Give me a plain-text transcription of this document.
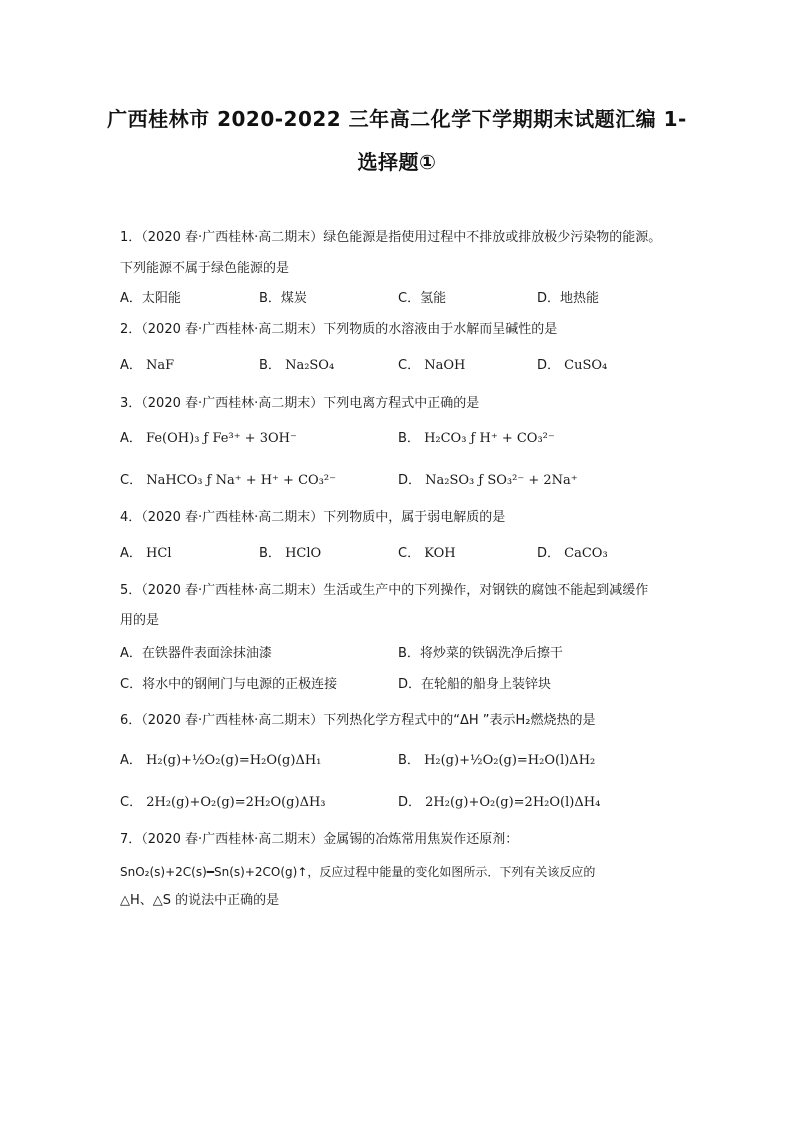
广西桂林市 2020-2022 三年高二化学下学期期末试题汇编 1-
选择题①
1．（2020 春·广西桂林·高二期末）绿色能源是指使用过程中不排放或排放极少污染物的能源。
下列能源不属于绿色能源的是
A．太阳能	B．煤炭	C．氢能	D．地热能
2．（2020 春·广西桂林·高二期末）下列物质的水溶液由于水解而呈碱性的是
A． NaF	B． Na₂SO₄	C． NaOH	D． CuSO₄
3．（2020 春·广西桂林·高二期末）下列电离方程式中正确的是
A． Fe(OH)₃ ƒ Fe³⁺ + 3OH⁻	B． H₂CO₃ ƒ H⁺ + CO₃²⁻
C． NaHCO₃ ƒ Na⁺ + H⁺ + CO₃²⁻	D． Na₂SO₃ ƒ SO₃²⁻ + 2Na⁺
4．（2020 春·广西桂林·高二期末）下列物质中，属于弱电解质的是
A． HCl	B． HClO	C． KOH	D． CaCO₃
5．（2020 春·广西桂林·高二期末）生活或生产中的下列操作，对钢铁的腐蚀不能起到减缓作
用的是
A．在铁器件表面涂抹油漆	B．将炒菜的铁锅洗净后擦干
C．将水中的钢闸门与电源的正极连接	D．在轮船的船身上装锌块
6．（2020 春·广西桂林·高二期末）下列热化学方程式中的“ΔH ”表示H₂燃烧热的是
A． H₂(g)+½O₂(g)=H₂O(g)ΔH₁	B． H₂(g)+½O₂(g)=H₂O(l)ΔH₂
C． 2H₂(g)+O₂(g)=2H₂O(g)ΔH₃	D． 2H₂(g)+O₂(g)=2H₂O(l)ΔH₄
7．（2020 春·广西桂林·高二期末）金属锡的冶炼常用焦炭作还原剂：
SnO₂(s)+2C(s)━Sn(s)+2CO(g)↑，反应过程中能量的变化如图所示．下列有关该反应的
△H、△S 的说法中正确的是
